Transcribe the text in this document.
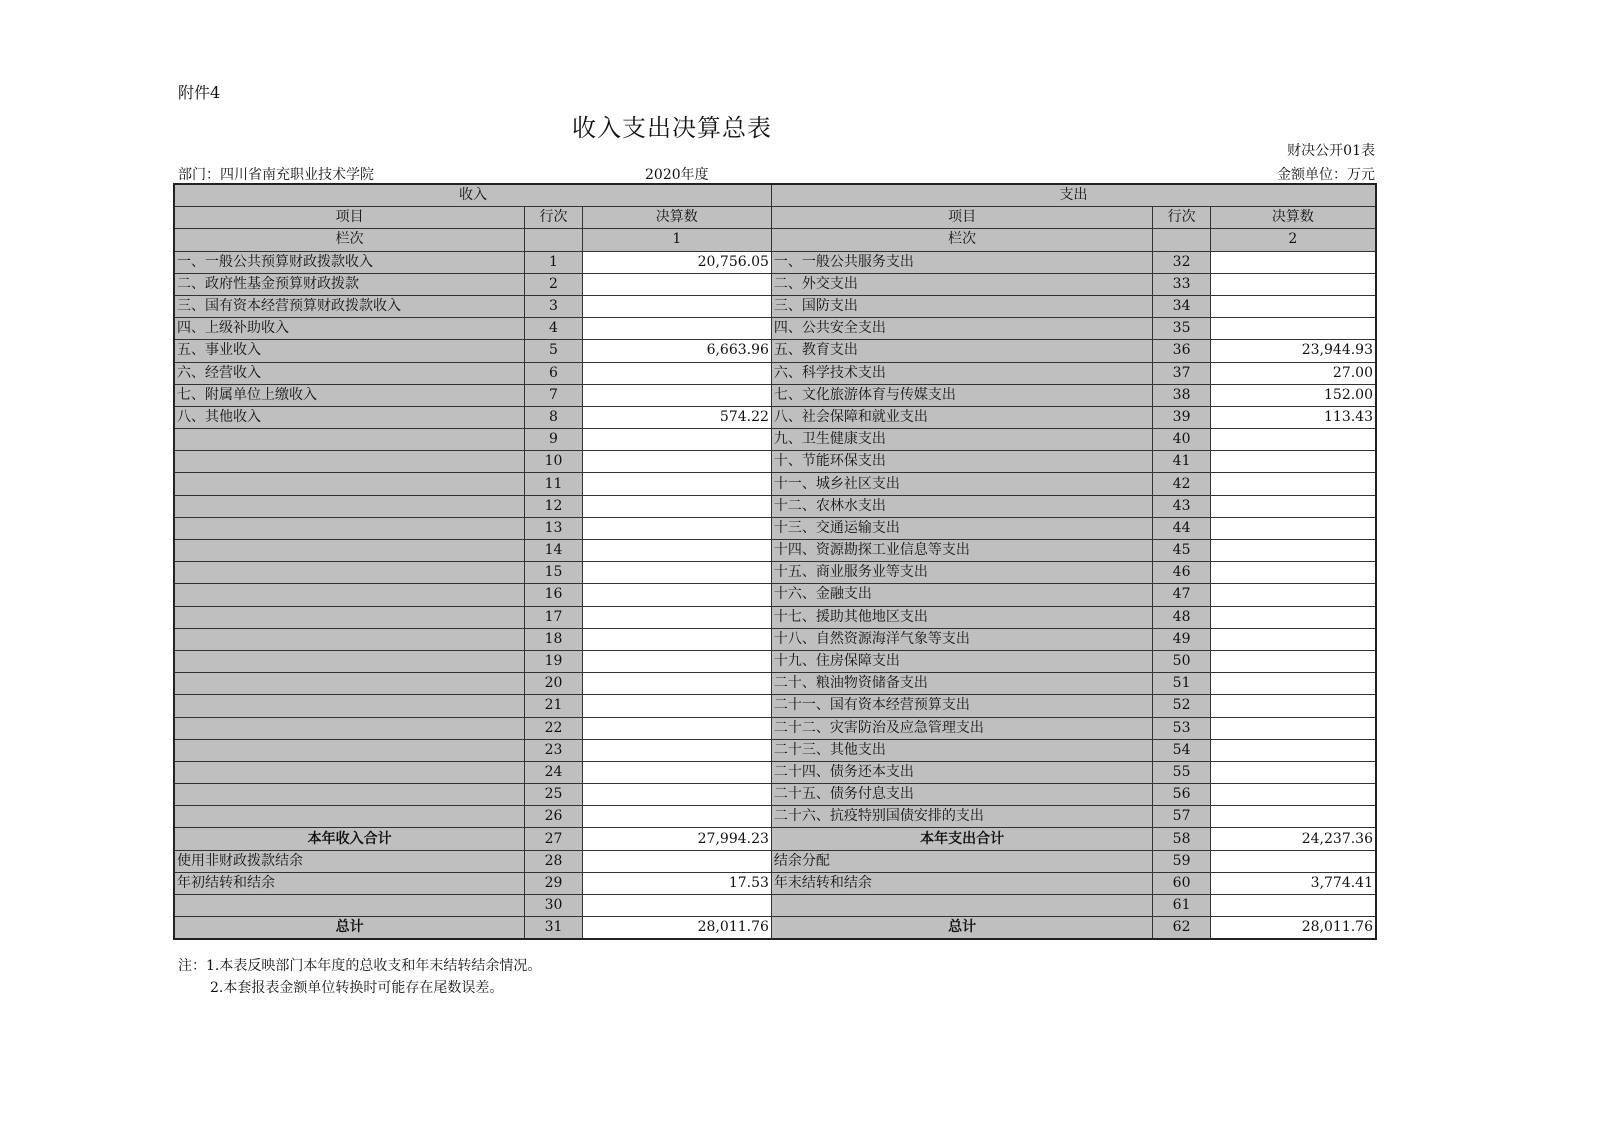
附件4
收入支出决算总表
财决公开01表
部门：四川省南充职业技术学院	2020年度	金额单位：万元
收入			支出		
项目	行次	决算数	项目	行次	决算数
栏次		1	栏次		2
一、一般公共预算财政拨款收入	1	20,756.05	一、一般公共服务支出	32	
二、政府性基金预算财政拨款	2		二、外交支出	33	
三、国有资本经营预算财政拨款收入	3		三、国防支出	34	
四、上级补助收入	4		四、公共安全支出	35	
五、事业收入	5	6,663.96	五、教育支出	36	23,944.93
六、经营收入	6		六、科学技术支出	37	27.00
七、附属单位上缴收入	7		七、文化旅游体育与传媒支出	38	152.00
八、其他收入	8	574.22	八、社会保障和就业支出	39	113.43
	9		九、卫生健康支出	40	
	10		十、节能环保支出	41	
	11		十一、城乡社区支出	42	
	12		十二、农林水支出	43	
	13		十三、交通运输支出	44	
	14		十四、资源勘探工业信息等支出	45	
	15		十五、商业服务业等支出	46	
	16		十六、金融支出	47	
	17		十七、援助其他地区支出	48	
	18		十八、自然资源海洋气象等支出	49	
	19		十九、住房保障支出	50	
	20		二十、粮油物资储备支出	51	
	21		二十一、国有资本经营预算支出	52	
	22		二十二、灾害防治及应急管理支出	53	
	23		二十三、其他支出	54	
	24		二十四、债务还本支出	55	
	25		二十五、债务付息支出	56	
	26		二十六、抗疫特别国债安排的支出	57	
本年收入合计	27	27,994.23	本年支出合计	58	24,237.36
使用非财政拨款结余	28		结余分配	59	
年初结转和结余	29	17.53	年末结转和结余	60	3,774.41
	30			61	
总计	31	28,011.76	总计	62	28,011.76
注：1.本表反映部门本年度的总收支和年末结转结余情况。
2.本套报表金额单位转换时可能存在尾数误差。
